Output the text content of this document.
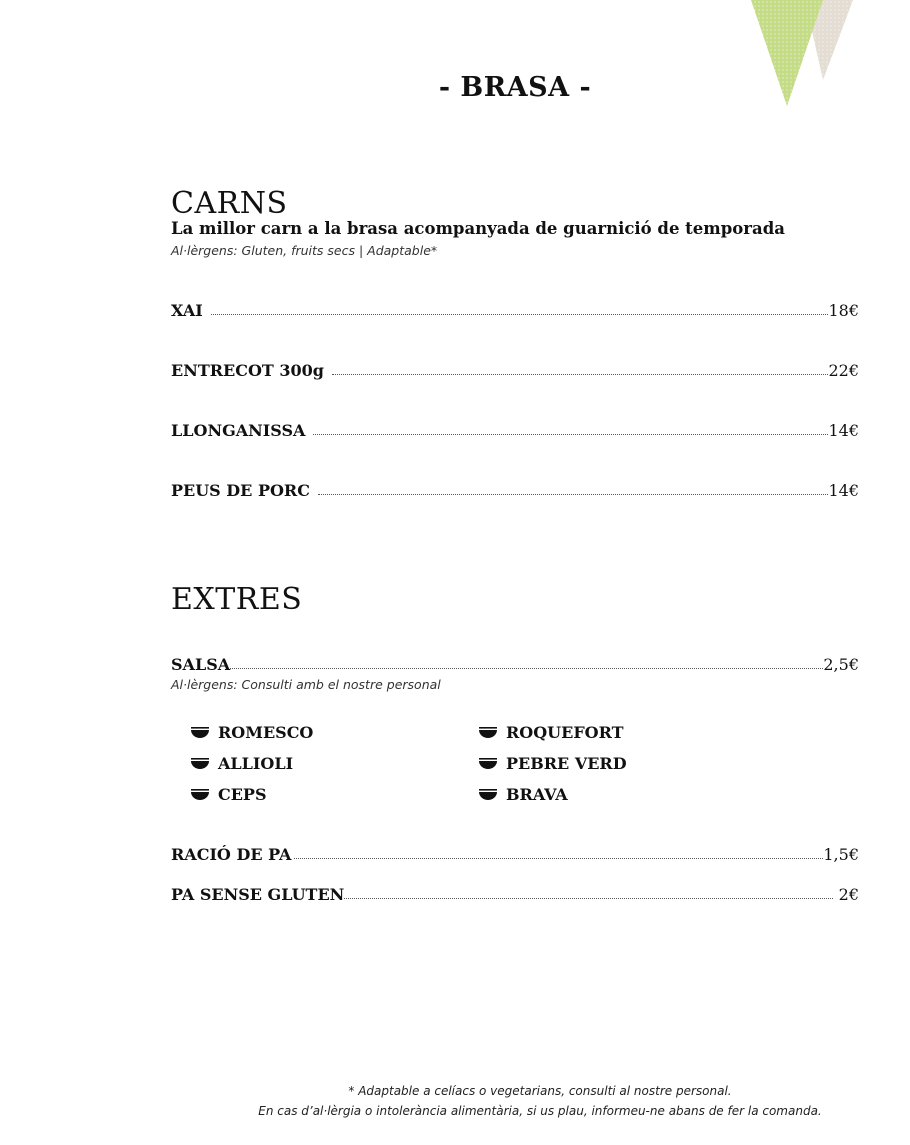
- BRASA -
CARNS
La millor carn a la brasa acompanyada de guarnició de temporada
Al·lèrgens: Gluten, fruits secs | Adaptable*
XAI	18€
ENTRECOT 300g	22€
LLONGANISSA	14€
PEUS DE PORC	14€
EXTRES
SALSA	2,5€
Al·lèrgens: Consulti amb el nostre personal
ROMESCO	ROQUEFORT
ALLIOLI	PEBRE VERD
CEPS	BRAVA
RACIÓ DE PA	1,5€
PA SENSE GLUTEN	2€
* Adaptable a celíacs o vegetarians, consulti al nostre personal.
En cas d’al·lèrgia o intolerància alimentària, si us plau, informeu-ne abans de fer la comanda.
